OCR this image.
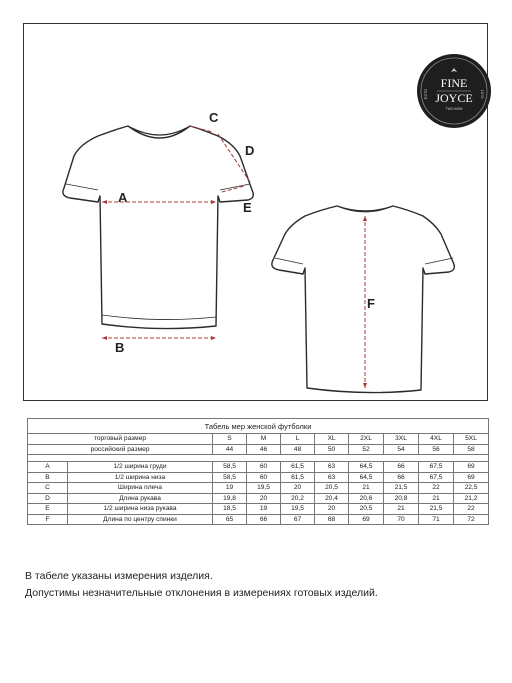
FINE
JOYCE
ESTD	1979
TWO MEN
A
B
C
D
E
F
Табель мер женской футболки									
торговый размер		S	M	L	XL	2XL	3XL	4XL	5XL
российский размер		44	46	48	50	52	54	56	58

A	1/2 ширина груди	58,5	60	61,5	63	64,5	66	67,5	69
B	1/2 ширина низа	58,5	60	61,5	63	64,5	66	67,5	69
C	Ширина плеча	19	19,5	20	20,5	21	21,5	22	22,5
D	Длина рукава	19,8	20	20,2	20,4	20,6	20,8	21	21,2
E	1/2 ширина низа рукава	18,5	19	19,5	20	20,5	21	21,5	22
F	Длина по центру спинки	65	66	67	68	69	70	71	72
В табеле указаны измерения изделия.
Допустимы незначительные отклонения в измерениях готовых изделий.
